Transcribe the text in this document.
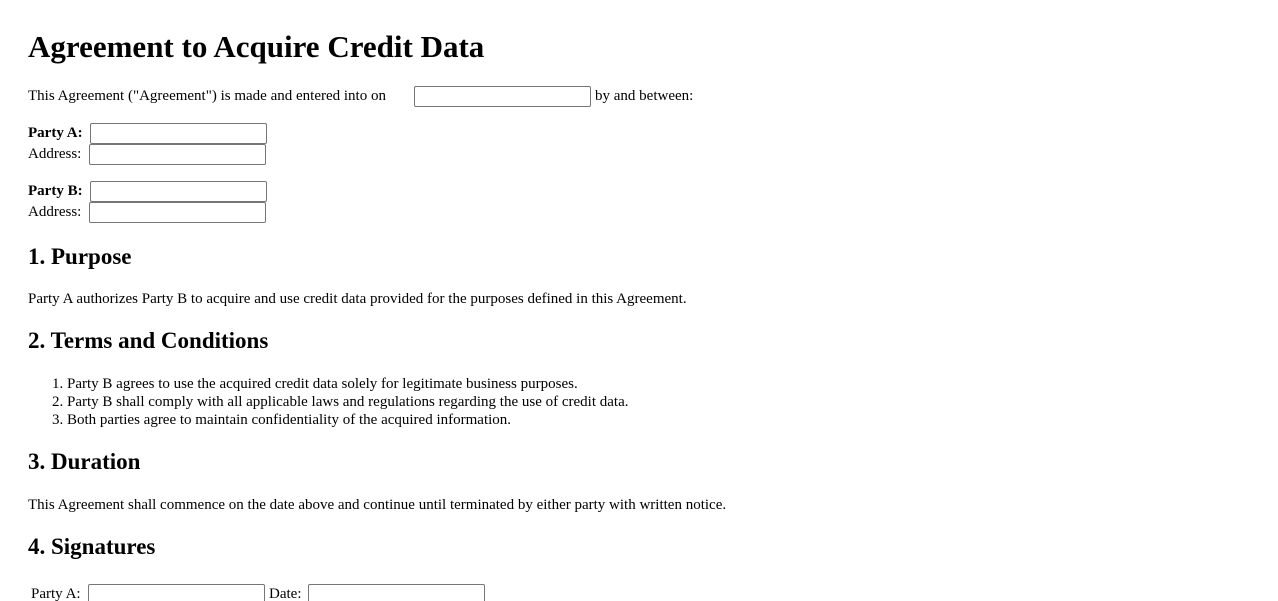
Agreement to Acquire Credit Data
This Agreement ("Agreement") is made and entered into on	by and between:
Party A:
Address:
Party B:
Address:
1. Purpose
Party A authorizes Party B to acquire and use credit data provided for the purposes defined in this Agreement.
2. Terms and Conditions
1. Party B agrees to use the acquired credit data solely for legitimate business purposes.
2. Party B shall comply with all applicable laws and regulations regarding the use of credit data.
3. Both parties agree to maintain confidentiality of the acquired information.
3. Duration
This Agreement shall commence on the date above and continue until terminated by either party with written notice.
4. Signatures
Party A:	Date:
